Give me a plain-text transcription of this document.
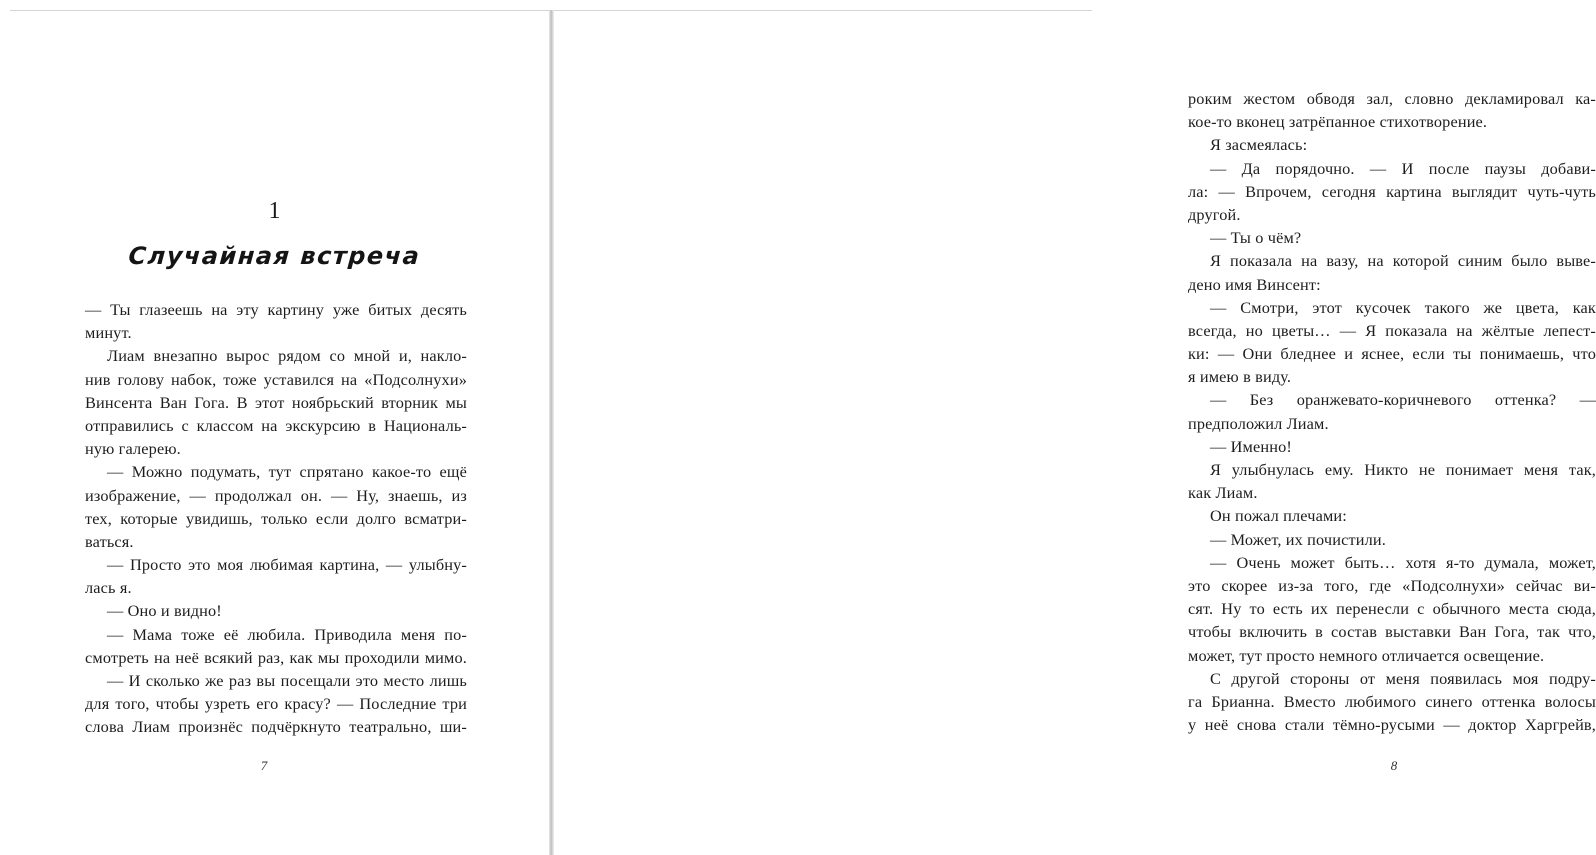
1
Случайная встреча
— Ты глазеешь на эту картину уже битых десять
минут.
Лиам внезапно вырос рядом со мной и, накло-
нив голову набок, тоже уставился на «Подсолнухи»
Винсента Ван Гога. В этот ноябрьский вторник мы
отправились с классом на экскурсию в Националь-
ную галерею.
— Можно подумать, тут спрятано какое-то ещё
изображение, — продолжал он. — Ну, знаешь, из
тех, которые увидишь, только если долго всматри-
ваться.
— Просто это моя любимая картина, — улыбну-
лась я.
— Оно и видно!
— Мама тоже её любила. Приводила меня по-
смотреть на неё всякий раз, как мы проходили мимо.
— И сколько же раз вы посещали это место лишь
для того, чтобы узреть его красу? — Последние три
слова Лиам произнёс подчёркнуто театрально, ши-
7
роким жестом обводя зал, словно декламировал ка-
кое-то вконец затрёпанное стихотворение.
Я засмеялась:
— Да порядочно. — И после паузы добави-
ла: — Впрочем, сегодня картина выглядит чуть-чуть
другой.
— Ты о чём?
Я показала на вазу, на которой синим было выве-
дено имя Винсент:
— Смотри, этот кусочек такого же цвета, как
всегда, но цветы… — Я показала на жёлтые лепест-
ки: — Они бледнее и яснее, если ты понимаешь, что
я имею в виду.
— Без оранжевато-коричневого оттенка? —
предположил Лиам.
— Именно!
Я улыбнулась ему. Никто не понимает меня так,
как Лиам.
Он пожал плечами:
— Может, их почистили.
— Очень может быть… хотя я-то думала, может,
это скорее из-за того, где «Подсолнухи» сейчас ви-
сят. Ну то есть их перенесли с обычного места сюда,
чтобы включить в состав выставки Ван Гога, так что,
может, тут просто немного отличается освещение.
С другой стороны от меня появилась моя подру-
га Брианна. Вместо любимого синего оттенка волосы
у неё снова стали тёмно-русыми — доктор Харгрейв,
8
